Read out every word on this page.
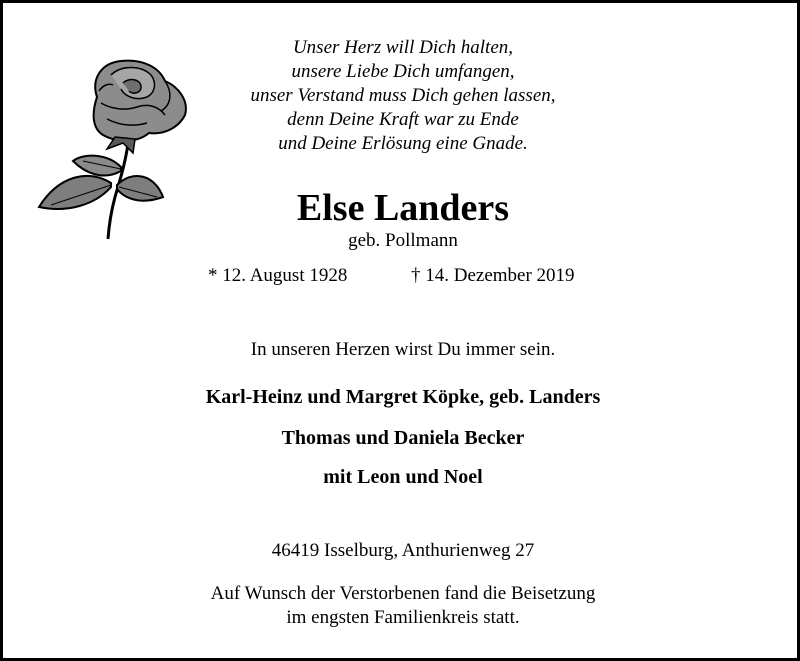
Unser Herz will Dich halten,
unsere Liebe Dich umfangen,
unser Verstand muss Dich gehen lassen,
denn Deine Kraft war zu Ende
und Deine Erlösung eine Gnade.
Else Landers
geb. Pollmann
* 12. August 1928	† 14. Dezember 2019
In unseren Herzen wirst Du immer sein.
Karl-Heinz und Margret Köpke, geb. Landers
Thomas und Daniela Becker
mit Leon und Noel
46419 Isselburg, Anthurienweg 27
Auf Wunsch der Verstorbenen fand die Beisetzung
im engsten Familienkreis statt.
